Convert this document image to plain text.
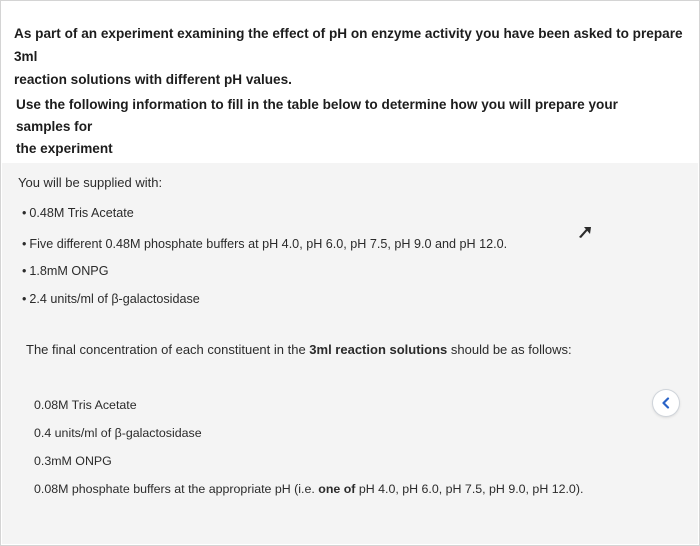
As part of an experiment examining the effect of pH on enzyme activity you have been asked to prepare 3ml
reaction solutions with different pH values.
Use the following information to fill in the table below to determine how you will prepare your samples for
the experiment
You will be supplied with:
• 0.48M Tris Acetate
• Five different 0.48M phosphate buffers at pH 4.0, pH 6.0, pH 7.5, pH 9.0 and pH 12.0.
• 1.8mM ONPG
• 2.4 units/ml of β-galactosidase
The final concentration of each constituent in the 3ml reaction solutions should be as follows:
0.08M Tris Acetate
0.4 units/ml of β-galactosidase
0.3mM ONPG
0.08M phosphate buffers at the appropriate pH (i.e. one of pH 4.0, pH 6.0, pH 7.5, pH 9.0, pH 12.0).
